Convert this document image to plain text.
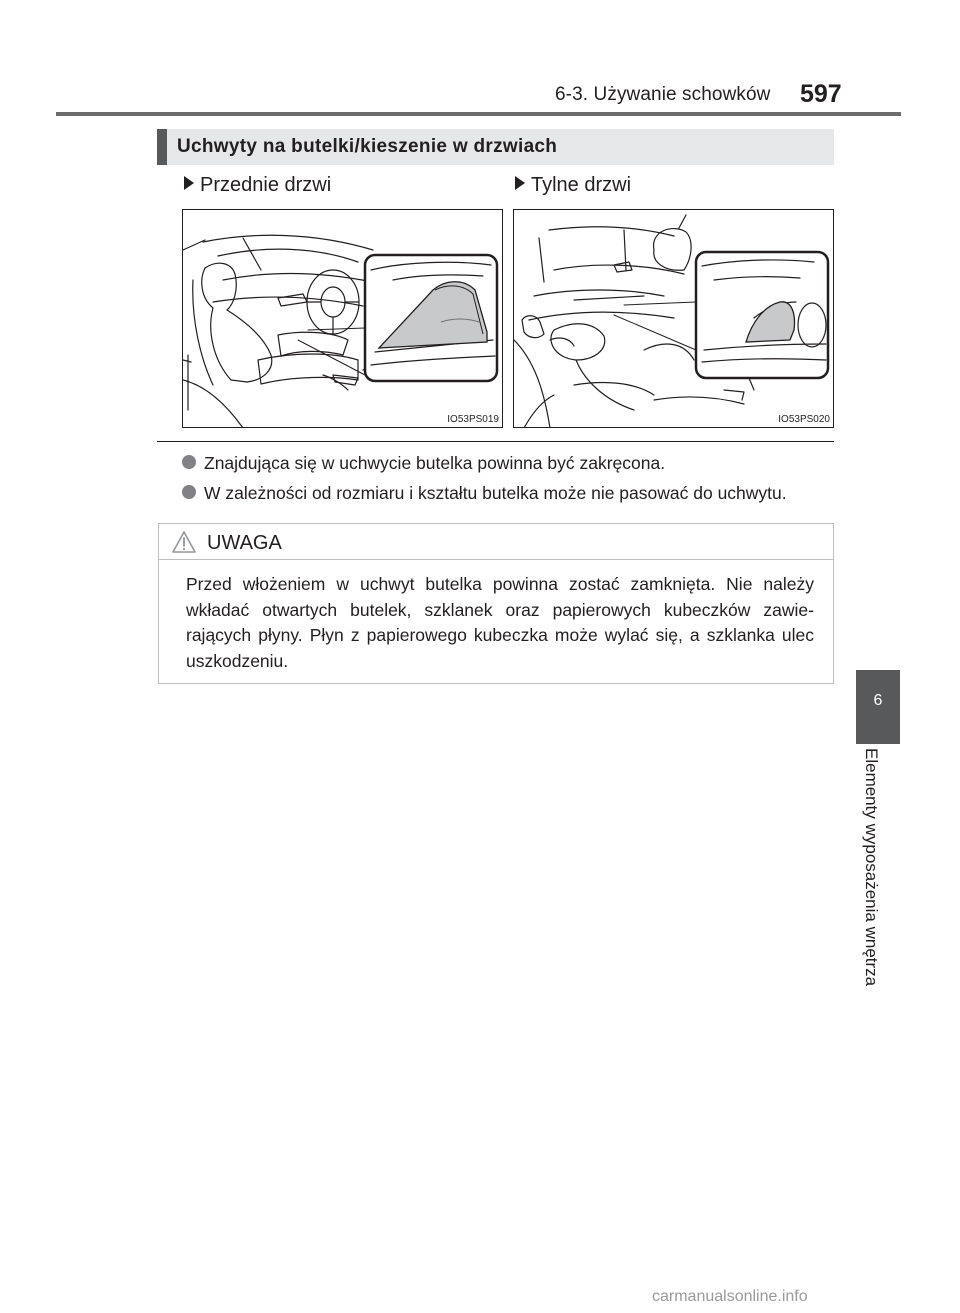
6-3. Używanie schowków 597
Uchwyty na butelki/kieszenie w drzwiach
Przednie drzwi	Tylne drzwi
IO53PS019	IO53PS020
Znajdująca się w uchwycie butelka powinna być zakręcona.
W zależności od rozmiaru i kształtu butelka może nie pasować do uchwytu.
UWAGA
Przed włożeniem w uchwyt butelka powinna zostać zamknięta. Nie należy wkładać otwartych butelek, szklanek oraz papierowych kubeczków zawie-rających płyny. Płyn z papierowego kubeczka może wylać się, a szklanka ulec uszkodzeniu.
6
Elementy wyposażenia wnętrza
carmanualsonline.info
